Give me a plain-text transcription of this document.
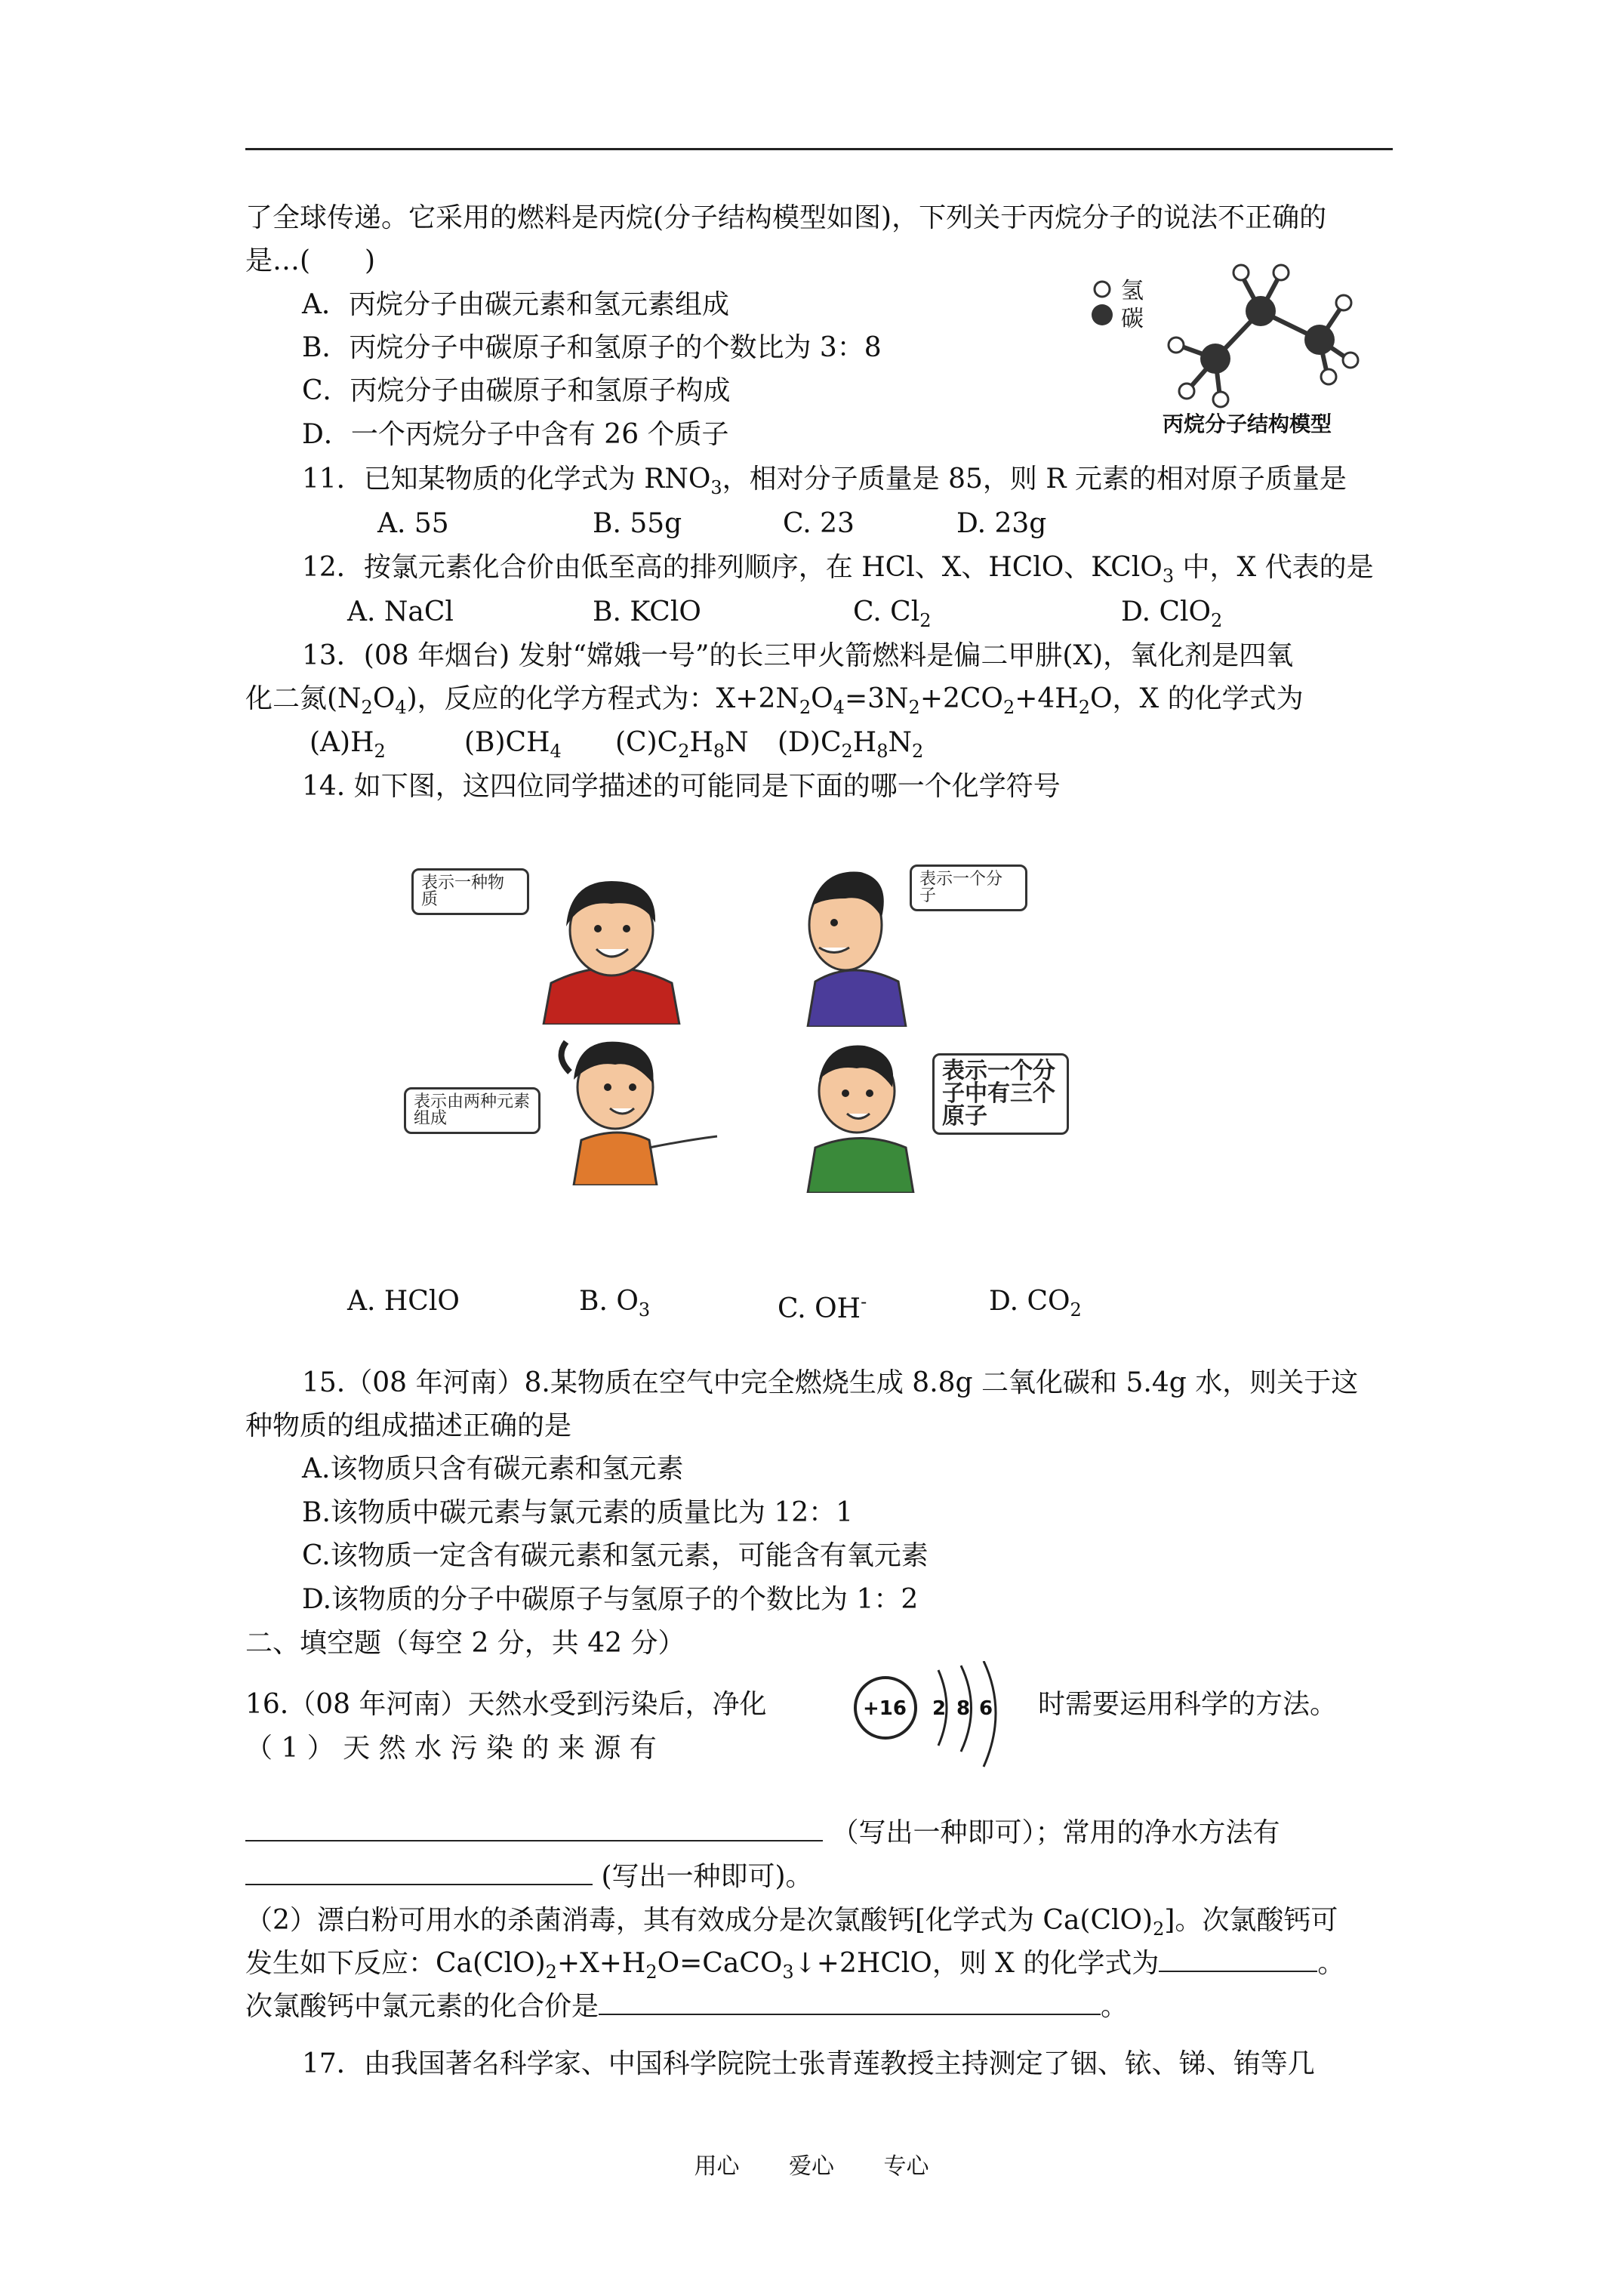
了全球传递。它采用的燃料是丙烷(分子结构模型如图)，下列关于丙烷分子的说法不正确的
是…(　　)
A．丙烷分子由碳元素和氢元素组成
B．丙烷分子中碳原子和氢原子的个数比为 3：8
C．丙烷分子由碳原子和氢原子构成
D．一个丙烷分子中含有 26 个质子
氢
碳
丙烷分子结构模型
11．已知某物质的化学式为 $RNO_3$，相对分子质量是 85，则 R 元素的相对原子质量是
A. 55	B. 55g	C. 23	D. 23g
12．按氯元素化合价由低至高的排列顺序，在 HCl、X、HClO、KClO$_3$ 中，X 代表的是
A. NaCl	B. KClO	C. $Cl_2$	D. ClO$_2$
13．(08 年烟台) 发射“嫦娥一号”的长三甲火箭燃料是偏二甲肼(X)，氧化剂是四氧
化二氮$(N_2O_4)$，反应的化学方程式为：$X+2N_2O_4=3N_2+2CO_2+4H_2O$，X 的化学式为
$(A)H_2$	$(B)CH_4$ $(C)C_2H_8N$ $(D)C_2H_8N_2$
14. 如下图，这四位同学描述的可能同是下面的哪一个化学符号
表示一种物质
表示一个分子
表示由两种元素组成
表示一个分子中有三个原子
A. HClO	B. $O_3$	C. OH-	D. $CO_2$
15.（08 年河南）8.某物质在空气中完全燃烧生成 8.8g 二氧化碳和 5.4g 水，则关于这
种物质的组成描述正确的是
A.该物质只含有碳元素和氢元素
B.该物质中碳元素与氯元素的质量比为 12：1
C.该物质一定含有碳元素和氢元素，可能含有氧元素
D.该物质的分子中碳原子与氢原子的个数比为 1：2
二、填空题（每空 2 分，共 42 分）
16.（08 年河南）天然水受到污染后，净化	+16 2 8 6 时需要运用科学的方法。
（ 1 ） 天 然 水 污 染 的 来 源 有
（写出一种即可）；常用的净水方法有
(写出一种即可)。
（2）漂白粉可用水的杀菌消毒，其有效成分是次氯酸钙[化学式为 $Ca(ClO)_2$]。次氯酸钙可
发生如下反应：$Ca(ClO)_2+X+H_2O=CaCO_3↓+2HClO$，则 X 的化学式为	。
次氯酸钙中氯元素的化合价是	。
17．由我国著名科学家、中国科学院院士张青莲教授主持测定了铟、铱、锑、铕等几
用心 爱心 专心
